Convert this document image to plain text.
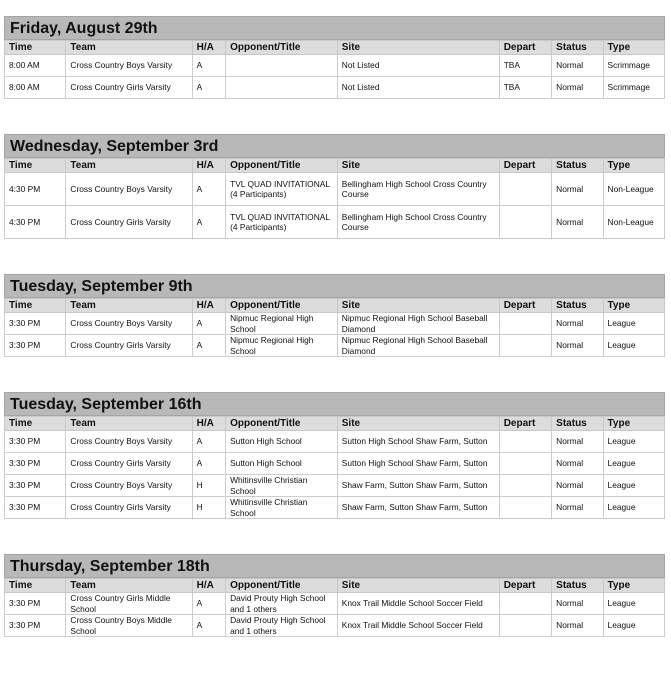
Friday, August 29th
Time	Team	H/A	Opponent/Title	Site	Depart	Status	Type
8:00 AM	Cross Country Boys Varsity	A		Not Listed	TBA	Normal	Scrimmage
8:00 AM	Cross Country Girls Varsity	A		Not Listed	TBA	Normal	Scrimmage
Wednesday, September 3rd
Time	Team	H/A	Opponent/Title	Site	Depart	Status	Type
4:30 PM	Cross Country Boys Varsity	A	TVL QUAD INVITATIONAL (4 Participants)	Bellingham High School Cross Country Course		Normal	Non-League
4:30 PM	Cross Country Girls Varsity	A	TVL QUAD INVITATIONAL (4 Participants)	Bellingham High School Cross Country Course		Normal	Non-League
Tuesday, September 9th
Time	Team	H/A	Opponent/Title	Site	Depart	Status	Type
3:30 PM	Cross Country Boys Varsity	A	Nipmuc Regional High School	Nipmuc Regional High School Baseball Diamond		Normal	League
3:30 PM	Cross Country Girls Varsity	A	Nipmuc Regional High School	Nipmuc Regional High School Baseball Diamond		Normal	League
Tuesday, September 16th
Time	Team	H/A	Opponent/Title	Site	Depart	Status	Type
3:30 PM	Cross Country Boys Varsity	A	Sutton High School	Sutton High School Shaw Farm, Sutton		Normal	League
3:30 PM	Cross Country Girls Varsity	A	Sutton High School	Sutton High School Shaw Farm, Sutton		Normal	League
3:30 PM	Cross Country Boys Varsity	H	Whitinsville Christian School	Shaw Farm, Sutton Shaw Farm, Sutton		Normal	League
3:30 PM	Cross Country Girls Varsity	H	Whitinsville Christian School	Shaw Farm, Sutton Shaw Farm, Sutton		Normal	League
Thursday, September 18th
Time	Team	H/A	Opponent/Title	Site	Depart	Status	Type
3:30 PM	Cross Country Girls Middle School	A	David Prouty High School and 1 others	Knox Trail Middle School Soccer Field		Normal	League
3:30 PM	Cross Country Boys Middle School	A	David Prouty High School and 1 others	Knox Trail Middle School Soccer Field		Normal	League
